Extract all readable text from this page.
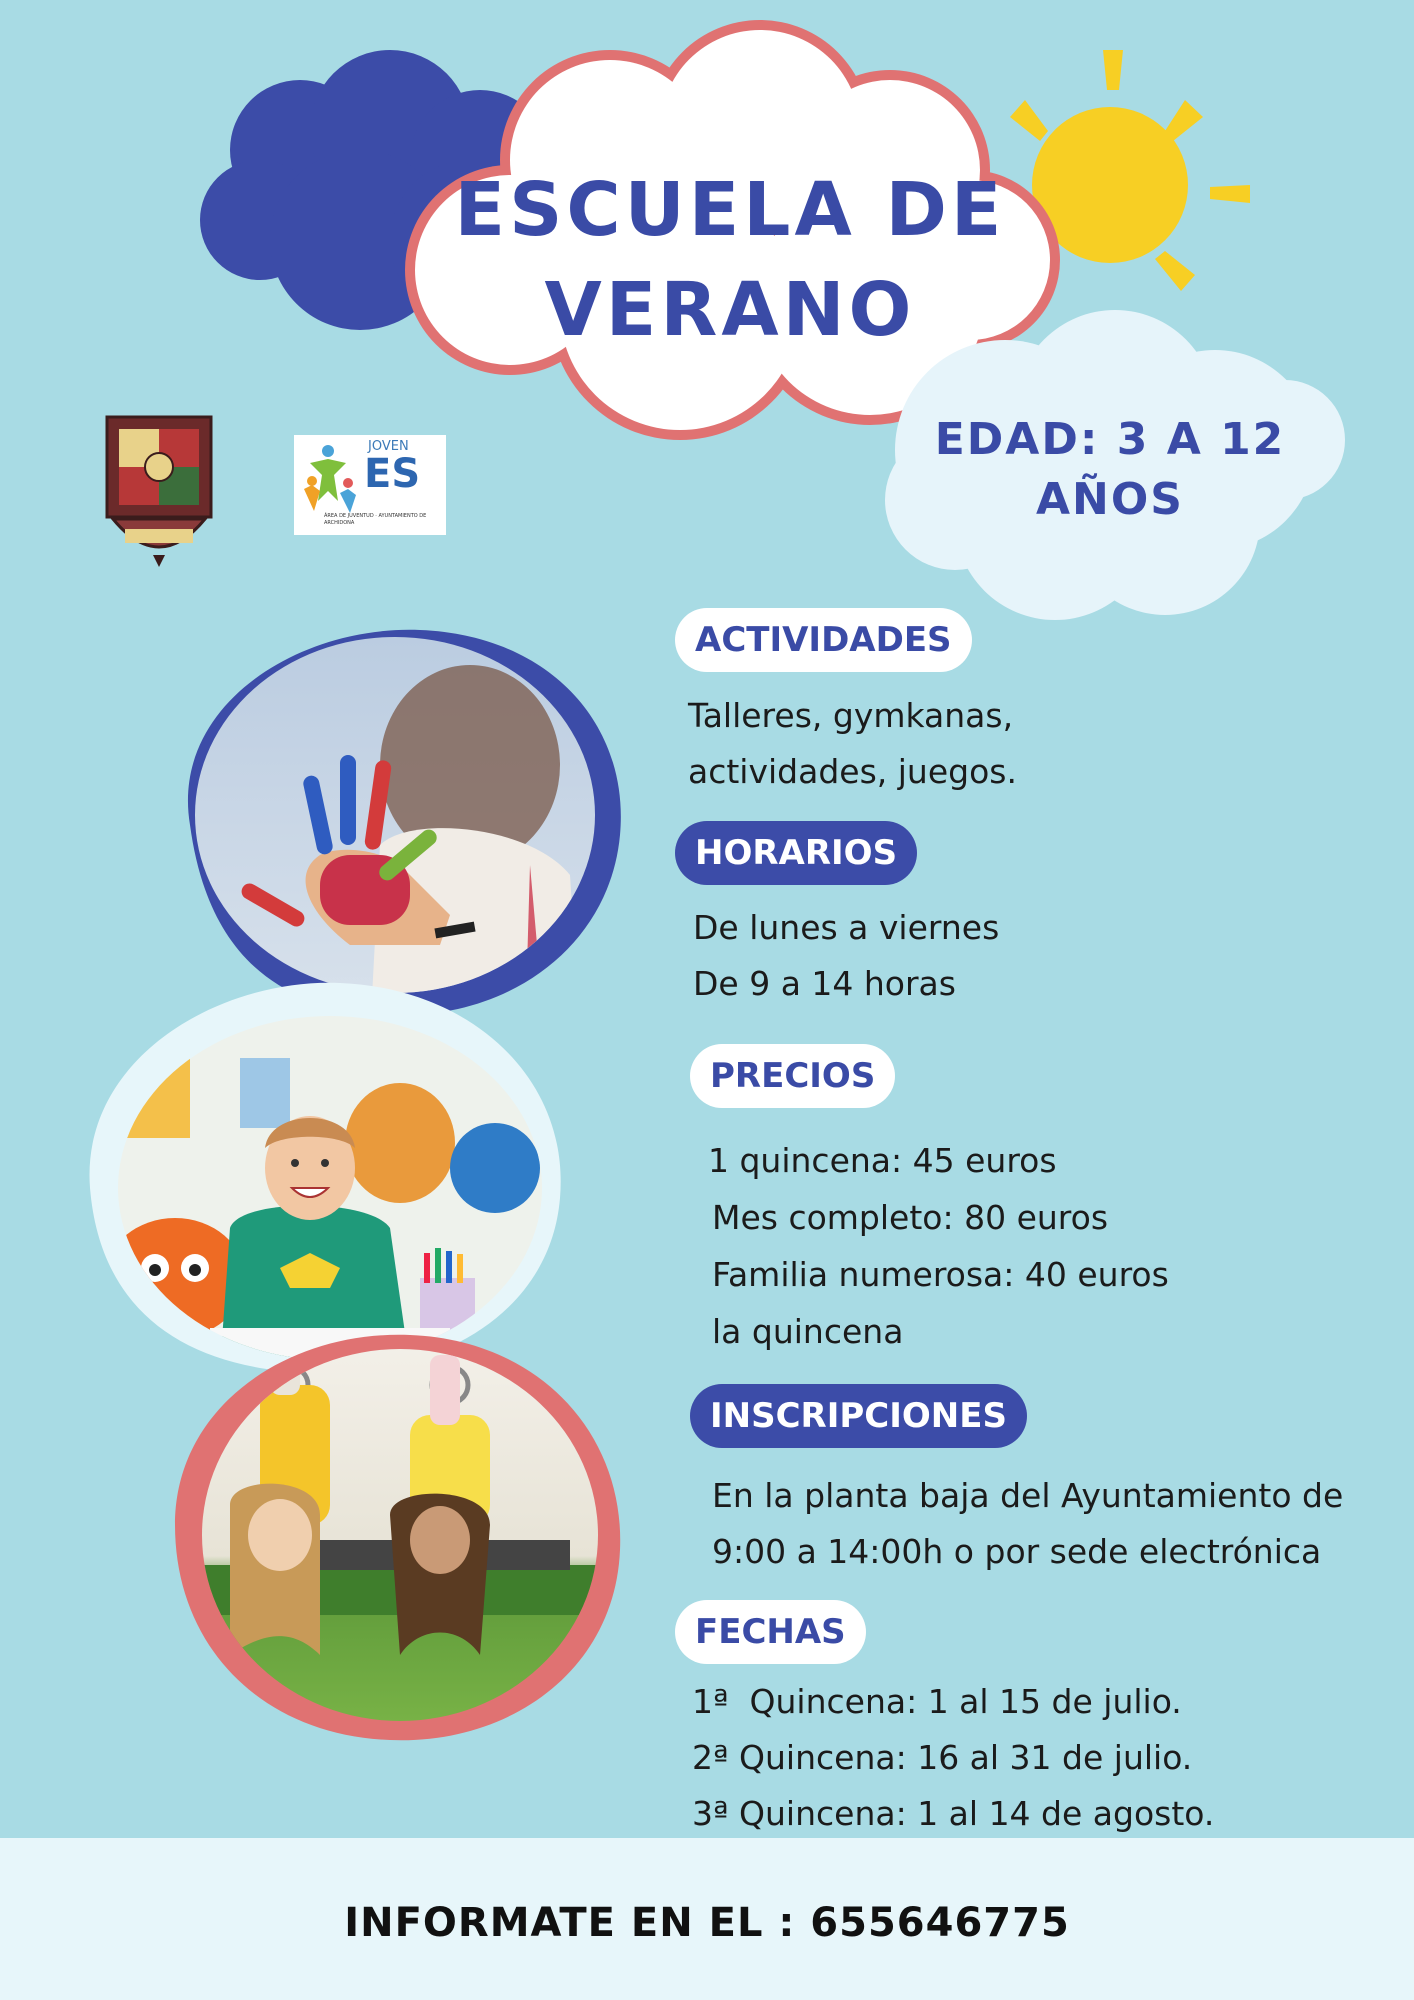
ESCUELA DE
VERANO
EDAD: 3 A 12
AÑOS
JOVEN
ES
ÁREA DE JUVENTUD · AYUNTAMIENTO DE ARCHIDONA
ACTIVIDADES
Talleres, gymkanas,
actividades, juegos.
HORARIOS
De lunes a viernes
De 9 a 14 horas
PRECIOS
1 quincena: 45 euros
Mes completo: 80 euros
Familia numerosa: 40 euros
la quincena
INSCRIPCIONES
En la planta baja del Ayuntamiento de
9:00 a 14:00h o por sede electrónica
FECHAS
1ª  Quincena: 1 al 15 de julio.
2ª Quincena: 16 al 31 de julio.
3ª Quincena: 1 al 14 de agosto.
INFORMATE EN EL : 655646775
